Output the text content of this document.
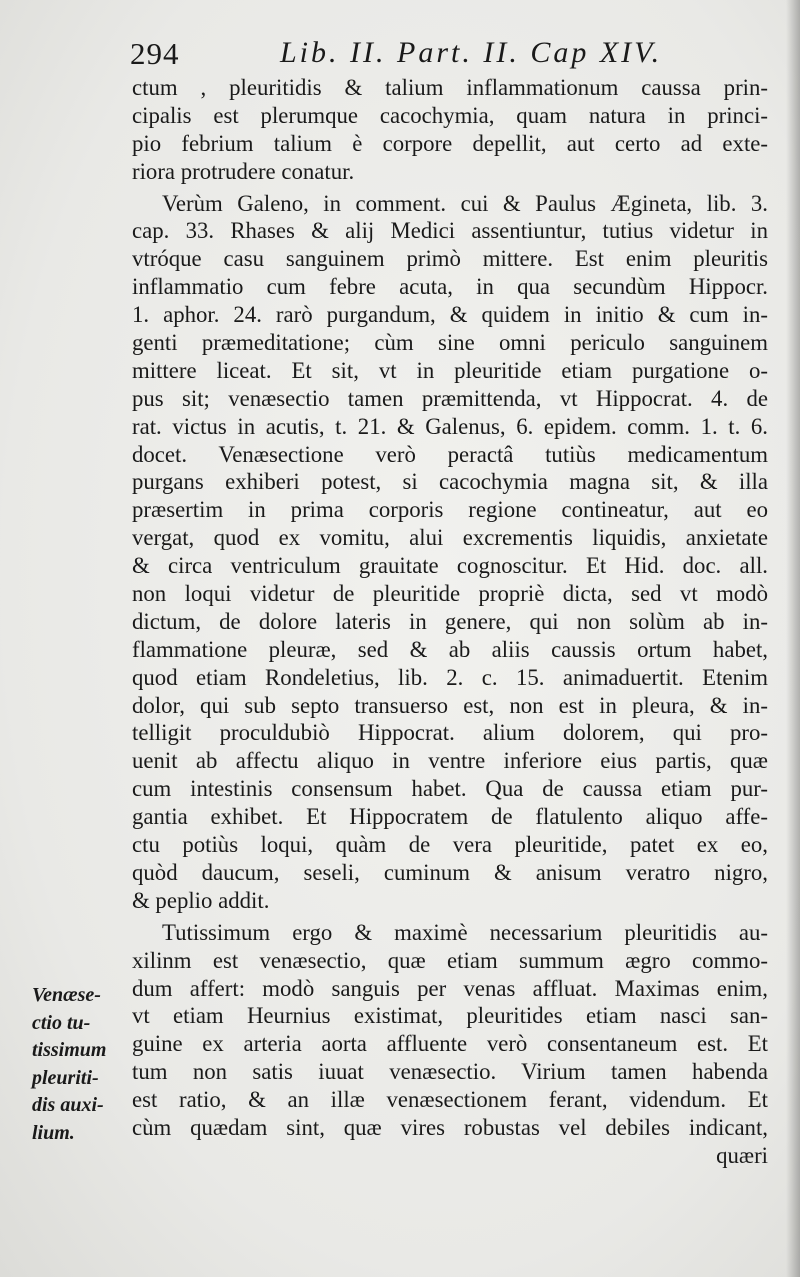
294	Lib. II. Part. II. Cap XIV.
ctum , pleuritidis & talium inflammationum caussa prin-
cipalis est plerumque cacochymia, quam natura in princi-
pio febrium talium è corpore depellit, aut certo ad exte-
riora protrudere conatur.
Verùm Galeno, in comment. cui & Paulus Ægineta, lib. 3.
cap. 33. Rhases & alij Medici assentiuntur, tutius videtur in
vtróque casu sanguinem primò mittere. Est enim pleuritis
inflammatio cum febre acuta, in qua secundùm Hippocr.
1. aphor. 24. rarò purgandum, & quidem in initio & cum in-
genti præmeditatione; cùm sine omni periculo sanguinem
mittere liceat. Et sit, vt in pleuritide etiam purgatione o-
pus sit; venæsectio tamen præmittenda, vt Hippocrat. 4. de
rat. victus in acutis, t. 21. & Galenus, 6. epidem. comm. 1. t. 6.
docet. Venæsectione verò peractâ tutiùs medicamentum
purgans exhiberi potest, si cacochymia magna sit, & illa
præsertim in prima corporis regione contineatur, aut eo
vergat, quod ex vomitu, alui excrementis liquidis, anxietate
& circa ventriculum grauitate cognoscitur. Et Hid. doc. all.
non loqui videtur de pleuritide propriè dicta, sed vt modò
dictum, de dolore lateris in genere, qui non solùm ab in-
flammatione pleuræ, sed & ab aliis caussis ortum habet,
quod etiam Rondeletius, lib. 2. c. 15. animaduertit. Etenim
dolor, qui sub septo transuerso est, non est in pleura, & in-
telligit proculdubiò Hippocrat. alium dolorem, qui pro-
uenit ab affectu aliquo in ventre inferiore eius partis, quæ
cum intestinis consensum habet. Qua de caussa etiam pur-
gantia exhibet. Et Hippocratem de flatulento aliquo affe-
ctu potiùs loqui, quàm de vera pleuritide, patet ex eo,
quòd daucum, seseli, cuminum & anisum veratro nigro,
& peplio addit.
Tutissimum ergo & maximè necessarium pleuritidis au-
xilinm est venæsectio, quæ etiam summum ægro commo-
dum affert: modò sanguis per venas affluat. Maximas enim,
vt etiam Heurnius existimat, pleuritides etiam nasci san-
guine ex arteria aorta affluente verò consentaneum est. Et
tum non satis iuuat venæsectio. Virium tamen habenda
est ratio, & an illæ venæsectionem ferant, videndum. Et
cùm quædam sint, quæ vires robustas vel debiles indicant,
quæri
Venæse-
ctio tu-
tissimum
pleuriti-
dis auxi-
lium.
